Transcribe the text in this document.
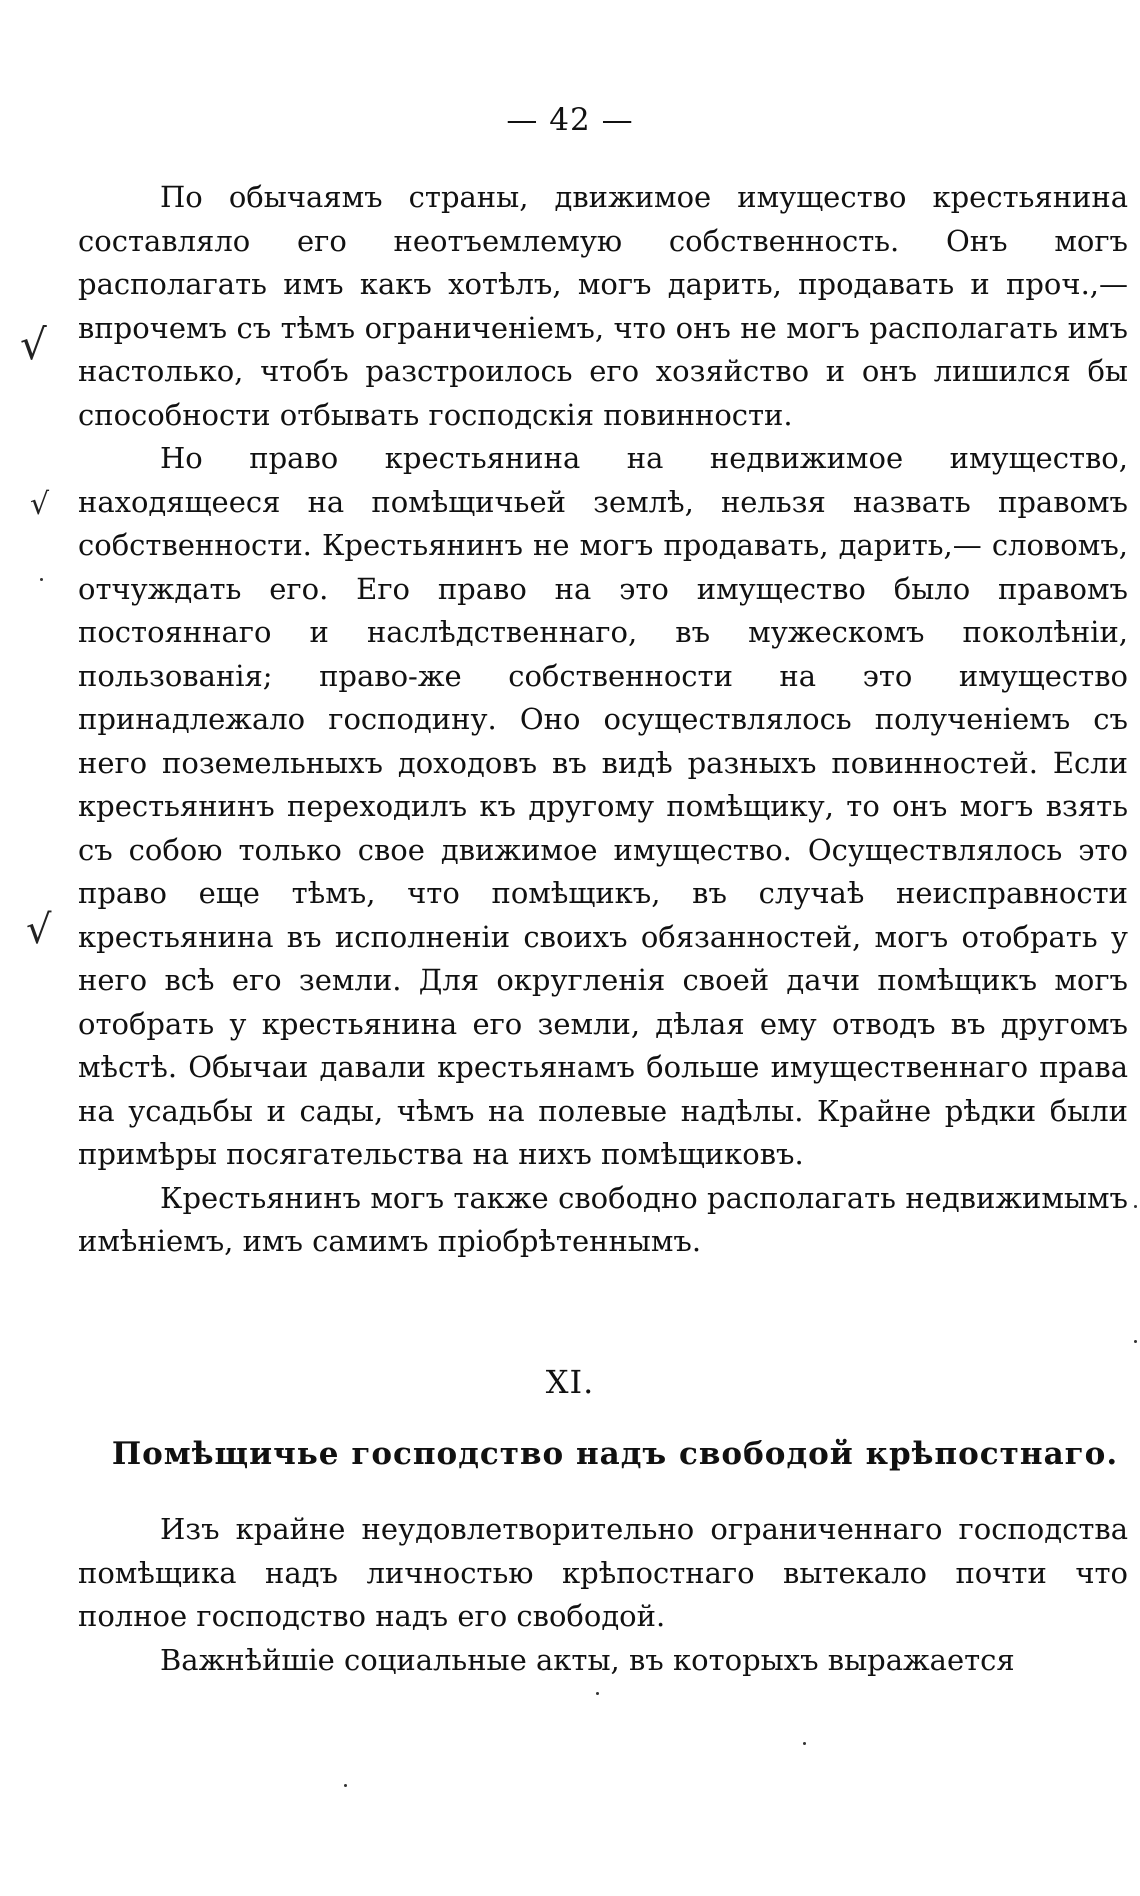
— 42 —
√
√
√

По обычаямъ страны, движимое имущество крестьянина составляло его неотъемлемую собственность. Онъ могъ располагать имъ какъ хотѣлъ, могъ дарить, продавать и проч.,— впрочемъ съ тѣмъ ограниченіемъ, что онъ не могъ располагать имъ настолько, чтобъ разстроилось его хозяйство и онъ лишился бы способности отбывать господскія повинности.

Но право крестьянина на недвижимое имущество, находящееся на помѣщичьей землѣ, нельзя назвать правомъ собственности. Крестьянинъ не могъ продавать, дарить,— словомъ, отчуждать его. Его право на это имущество было правомъ постояннаго и наслѣдственнаго, въ мужескомъ поколѣніи, пользованія; право-же собственности на это имущество принадлежало господину. Оно осуществлялось полученіемъ съ него поземельныхъ доходовъ въ видѣ разныхъ повинностей. Если крестьянинъ переходилъ къ другому помѣщику, то онъ могъ взять съ собою только свое движимое имущество. Осуществлялось это право еще тѣмъ, что помѣщикъ, въ случаѣ неисправности крестьянина въ исполненіи своихъ обязанностей, могъ отобрать у него всѣ его земли. Для округленія своей дачи помѣщикъ могъ отобрать у крестьянина его земли, дѣлая ему отводъ въ другомъ мѣстѣ. Обычаи давали крестьянамъ больше имущественнаго права на усадьбы и сады, чѣмъ на полевые надѣлы. Крайне рѣдки были примѣры посягательства на нихъ помѣщиковъ.

Крестьянинъ могъ также свободно располагать недвижимымъ имѣніемъ, имъ самимъ пріобрѣтеннымъ.

XI.
Помѣщичье господство надъ свободой крѣпостнаго.

Изъ крайне неудовлетворительно ограниченнаго господства помѣщика надъ личностью крѣпостнаго вытекало почти что полное господство надъ его свободой.

Важнѣйшіе социальные акты, въ которыхъ выражается
